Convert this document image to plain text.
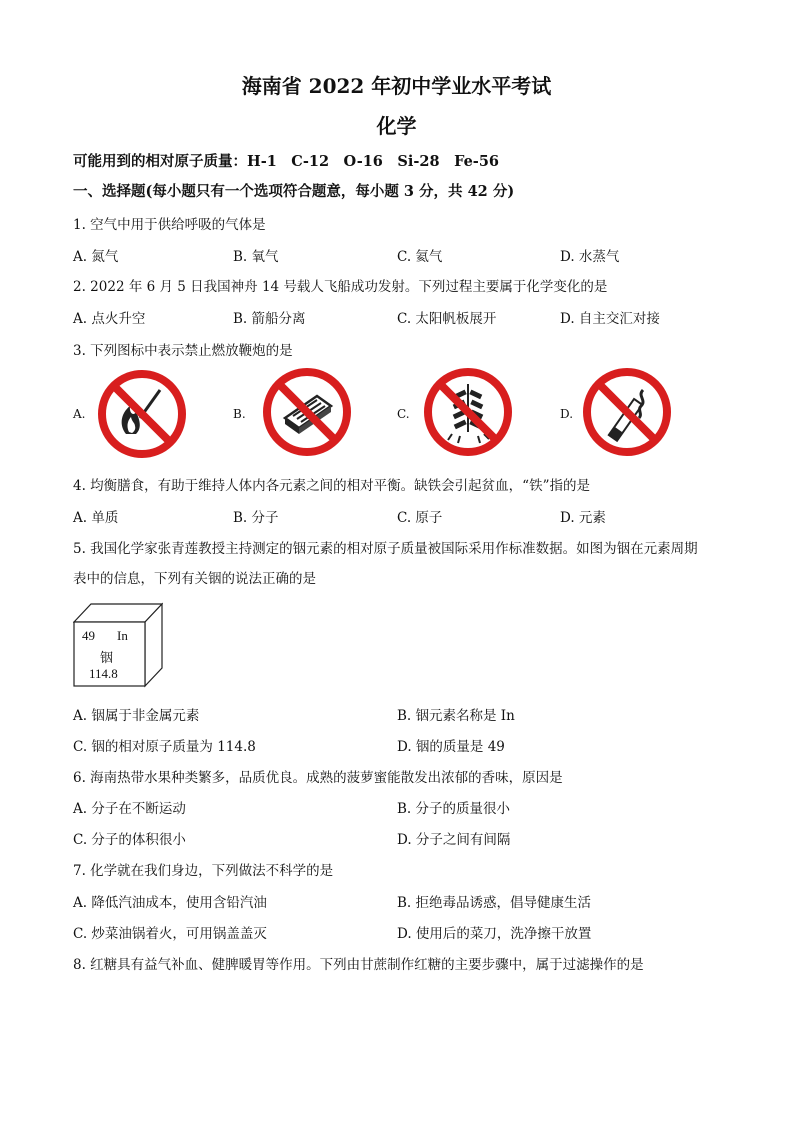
海南省 2022 年初中学业水平考试
化学
可能用到的相对原子质量：H-1　C-12　O-16　Si-28　Fe-56
一、选择题(每小题只有一个选项符合题意，每小题 3 分，共 42 分)
1. 空气中用于供给呼吸的气体是
A. 氮气	B. 氧气	C. 氦气	D. 水蒸气
2. 2022 年 6 月 5 日我国神舟 14 号载人飞船成功发射。下列过程主要属于化学变化的是
A. 点火升空	B. 箭船分离	C. 太阳帆板展开	D. 自主交汇对接
3. 下列图标中表示禁止燃放鞭炮的是
A.	B.	C.	D.
4. 均衡膳食，有助于维持人体内各元素之间的相对平衡。缺铁会引起贫血，“铁”指的是
A. 单质	B. 分子	C. 原子	D. 元素
5. 我国化学家张青莲教授主持测定的铟元素的相对原子质量被国际采用作标准数据。如图为铟在元素周期
表中的信息，下列有关铟的说法正确的是
49 In
铟
114.8
A. 铟属于非金属元素	B. 铟元素名称是 In
C. 铟的相对原子质量为 114.8	D. 铟的质量是 49
6. 海南热带水果种类繁多，品质优良。成熟的菠萝蜜能散发出浓郁的香味，原因是
A. 分子在不断运动	B. 分子的质量很小
C. 分子的体积很小	D. 分子之间有间隔
7. 化学就在我们身边，下列做法不科学的是
A. 降低汽油成本，使用含铅汽油	B. 拒绝毒品诱惑，倡导健康生活
C. 炒菜油锅着火，可用锅盖盖灭	D. 使用后的菜刀，洗净擦干放置
8. 红糖具有益气补血、健脾暖胃等作用。下列由甘蔗制作红糖的主要步骤中，属于过滤操作的是
